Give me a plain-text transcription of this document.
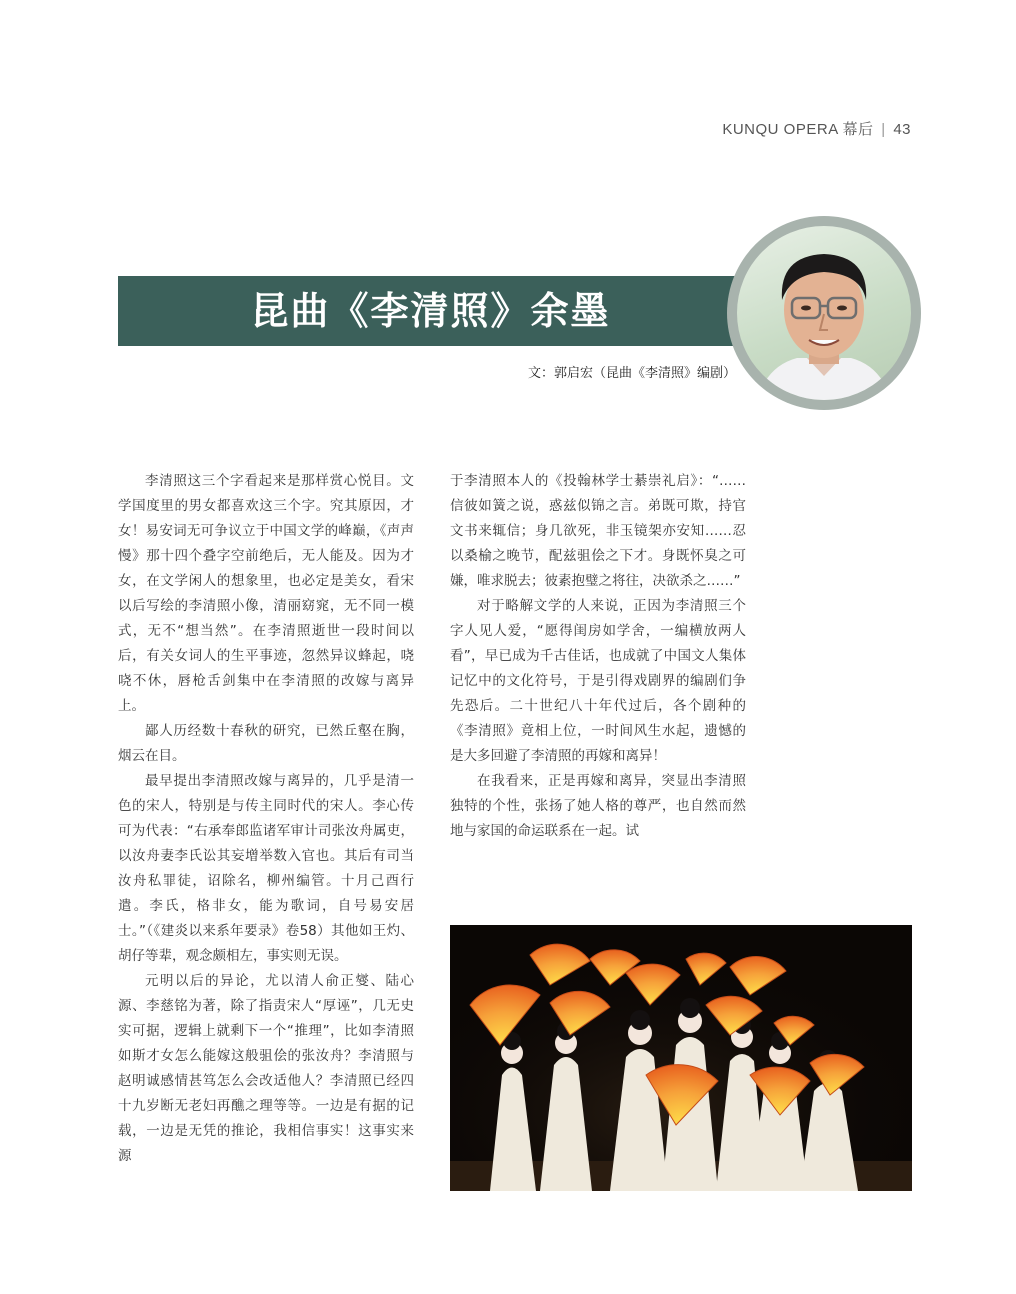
KUNQU OPERA 幕后 | 43
昆曲《李清照》余墨
文：郭启宏（昆曲《李清照》编剧）

李清照这三个字看起来是那样赏心悦目。文学国度里的男女都喜欢这三个字。究其原因，才女！易安词无可争议立于中国文学的峰巅，《声声慢》那十四个叠字空前绝后，无人能及。因为才女，在文学闲人的想象里，也必定是美女，看宋以后写绘的李清照小像，清丽窈窕，无不同一模式，无不“想当然”。在李清照逝世一段时间以后，有关女词人的生平事迹，忽然异议蜂起，哓哓不休，唇枪舌剑集中在李清照的改嫁与离异上。

鄙人历经数十春秋的研究，已然丘壑在胸，烟云在目。

最早提出李清照改嫁与离异的，几乎是清一色的宋人，特别是与传主同时代的宋人。李心传可为代表：“右承奉郎监诸军审计司张汝舟属吏，以汝舟妻李氏讼其妄增举数入官也。其后有司当汝舟私罪徒，诏除名，柳州编管。十月己酉行遣。李氏，格非女，能为歌词，自号易安居士。”（《建炎以来系年要录》卷58）其他如王灼、胡仔等辈，观念颇相左，事实则无误。

元明以后的异论，尤以清人俞正燮、陆心源、李慈铭为著，除了指责宋人“厚诬”，几无史实可据，逻辑上就剩下一个“推理”，比如李清照如斯才女怎么能嫁这般驵侩的张汝舟？李清照与赵明诚感情甚笃怎么会改适他人？李清照已经四十九岁断无老妇再醮之理等等。一边是有据的记载，一边是无凭的推论，我相信事实！这事实来源

于李清照本人的《投翰林学士綦崇礼启》：“……信彼如簧之说，惑兹似锦之言。弟既可欺，持官文书来辄信；身几欲死，非玉镜架亦安知……忍以桑榆之晚节，配兹驵侩之下才。身既怀臭之可嫌，唯求脱去；彼素抱璧之将往，决欲杀之……”

对于略解文学的人来说，正因为李清照三个字人见人爱，“愿得闺房如学舍，一编横放两人看”，早已成为千古佳话，也成就了中国文人集体记忆中的文化符号，于是引得戏剧界的编剧们争先恐后。二十世纪八十年代过后，各个剧种的《李清照》竟相上位，一时间风生水起，遗憾的是大多回避了李清照的再嫁和离异！

在我看来，正是再嫁和离异，突显出李清照独特的个性，张扬了她人格的尊严，也自然而然地与家国的命运联系在一起。试
